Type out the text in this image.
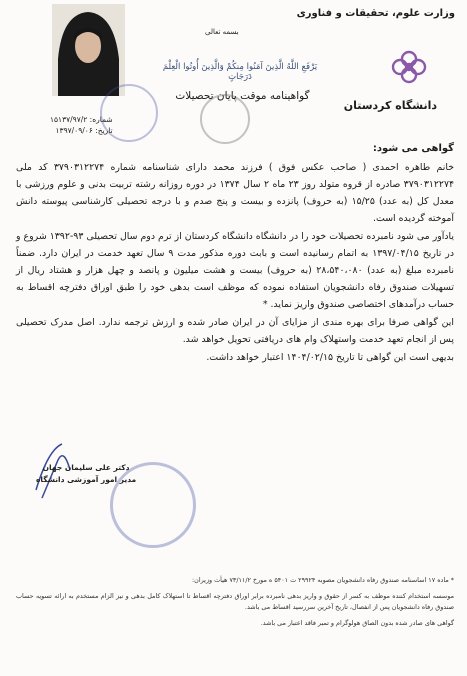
وزارت علوم، تحقیقات و فناوری
بسمه تعالی
دانشگاه کردستان
یَرْفَعِ اللَّهُ الَّذِینَ آمَنُوا مِنکُمْ وَالَّذِینَ أُوتُوا الْعِلْمَ دَرَجَاتٍ
گواهینامه موقت پایان تحصیلات
شماره: ۱۵۱۳۷/۹۷/۲
تاریخ: ۱۳۹۷/۰۹/۰۶

گواهی می شود:

خانم طاهره احمدی ( صاحب عکس فوق ) فرزند محمد دارای شناسنامه شماره ۳۷۹۰۳۱۲۲۷۴ کد ملی ۳۷۹۰۳۱۲۲۷۴ صادره از قروه متولد روز ۲۳ ماه ۲ سال ۱۳۷۴ در دوره روزانه رشته تربیت بدنی و علوم ورزشی با معدل کل (به عدد) ۱۵/۲۵ (به حروف) پانزده و بیست و پنج صدم و با درجه تحصیلی کارشناسی پیوسته دانش آموخته گردیده است.

یادآور می شود نامبرده تحصیلات خود را در دانشگاه دانشگاه کردستان از ترم دوم سال تحصیلی ۹۳-۱۳۹۲ شروع و در تاریخ ۱۳۹۷/۰۴/۱۵ به اتمام رسانیده است و بابت دوره مذکور مدت ۹ سال تعهد خدمت در ایران دارد. ضمناً نامبرده مبلغ (به عدد) ۲۸،۵۴۰،۰۸۰ (به حروف) بیست و هشت میلیون و پانصد و چهل هزار و هشتاد ریال از تسهیلات صندوق رفاه دانشجویان استفاده نموده که موظف است بدهی خود را طبق اوراق دفترچه اقساط به حساب درآمدهای اختصاصی صندوق واریز نماید. *

این گواهی صرفا برای بهره مندی از مزایای آن در ایران صادر شده و ارزش ترجمه ندارد. اصل مدرک تحصیلی پس از انجام تعهد خدمت واستهلاک وام های دریافتی تحویل خواهد شد.

بدیهی است این گواهی تا تاریخ ۱۴۰۴/۰۲/۱۵ اعتبار خواهد داشت.

دکتر علی سلیمان جهان
مدیر امور آموزشی دانشگاه

* ماده ۱۷ اساسنامه صندوق رفاه دانشجویان مصوبه ۲۹۹۲۴ ت ۵۴۰۱ ه مورخ ۷۳/۱۱/۲ هیأت وزیران:

موسسه استخدام کننده موظف به کسر از حقوق و واریز بدهی نامبرده برابر اوراق دفترچه اقساط تا استهلاک کامل بدهی و نیز الزام مستخدم به ارائه تسویه حساب صندوق رفاه دانشجویان پس از انفصال، تاریخ آخرین سررسید اقساط می باشد.

گواهی های صادر شده بدون الصاق هولوگرام و تمبر فاقد اعتبار می باشد.
